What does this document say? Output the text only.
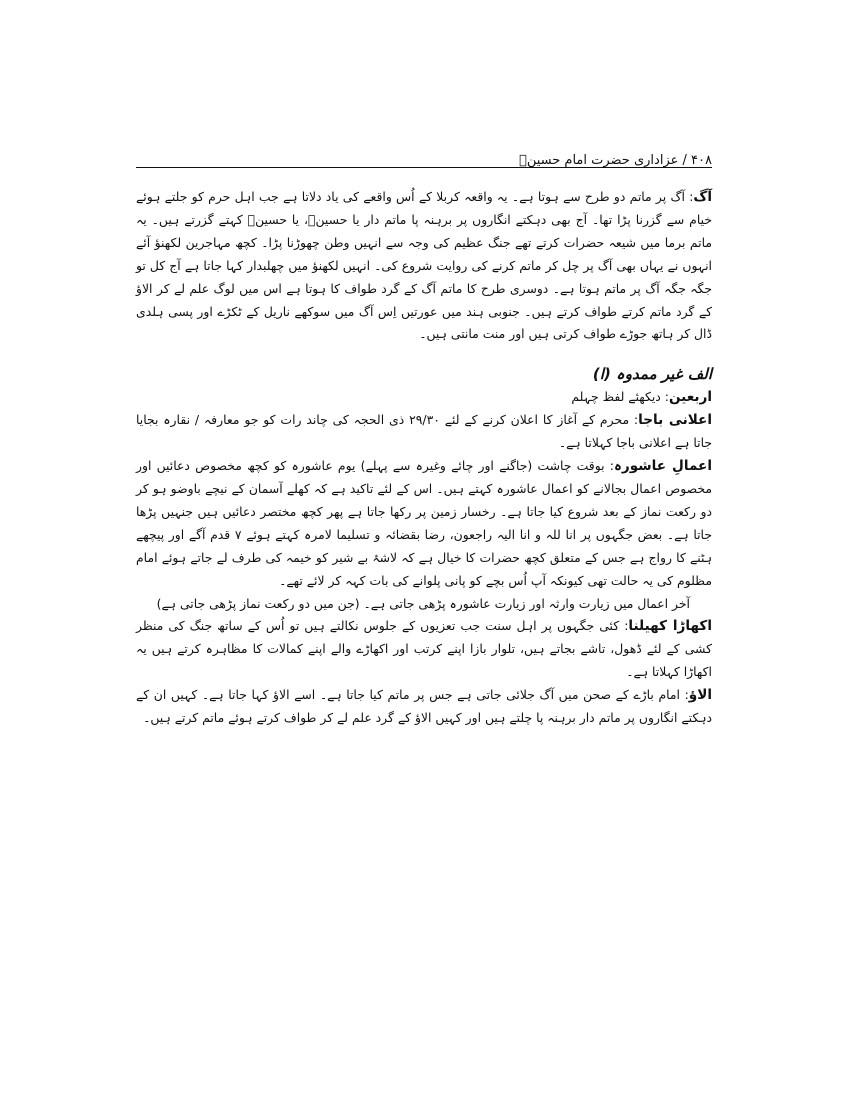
۴۰۸ / عزاداری حضرت امام حسینؑ

آگ: آگ پر ماتم دو طرح سے ہوتا ہے۔ یہ واقعہ کربلا کے اُس واقعے کی یاد دلاتا ہے جب اہل حرم کو جلتے ہوئے خیام سے گزرنا پڑا تھا۔ آج بھی دہکتے انگاروں پر برہنہ پا ماتم دار یا حسینؑ، یا حسینؑ کہتے گزرتے ہیں۔ یہ ماتم برما میں شیعہ حضرات کرتے تھے جنگ عظیم کی وجہ سے انہیں وطن چھوڑنا پڑا۔ کچھ مہاجرین لکھنؤ آئے انہوں نے یہاں بھی آگ پر چل کر ماتم کرنے کی روایت شروع کی۔ انہیں لکھنؤ میں چھلبدار کہا جاتا ہے آج کل تو جگہ جگہ آگ پر ماتم ہوتا ہے۔ دوسری طرح کا ماتم آگ کے گرد طواف کا ہوتا ہے اس میں لوگ علم لے کر الاؤ کے گرد ماتم کرتے طواف کرتے ہیں۔ جنوبی ہند میں عورتیں اِس آگ میں سوکھے ناریل کے ٹکڑے اور پسی ہلدی ڈال کر ہاتھ جوڑے طواف کرتی ہیں اور منت مانتی ہیں۔

الف غیر ممدوہ (ا)

اربعین: دیکھئے لفظ چہلم

اعلانی باجا: محرم کے آغاز کا اعلان کرنے کے لئے ۲۹/۳۰ ذی الحجہ کی چاند رات کو جو معارفہ / نقارہ بجایا جاتا ہے اعلانی باجا کہلاتا ہے۔

اعمالِ عاشورہ: بوقت چاشت (جاگنے اور چائے وغیرہ سے پہلے) یوم عاشورہ کو کچھ مخصوص دعائیں اور مخصوص اعمال بجالانے کو اعمال عاشورہ کہتے ہیں۔ اس کے لئے تاکید ہے کہ کھلے آسمان کے نیچے باوضو ہو کر دو رکعت نماز کے بعد شروع کیا جاتا ہے۔ رخسار زمین پر رکھا جاتا ہے پھر کچھ مختصر دعائیں ہیں جنہیں پڑھا جاتا ہے۔ بعض جگہوں پر انا للہ و انا الیہ راجعون، رضا بقضائہ و تسلیما لامرہ کہتے ہوئے ۷ قدم آگے اور پیچھے ہٹنے کا رواج ہے جس کے متعلق کچھ حضرات کا خیال ہے کہ لاشۂ بے شیر کو خیمہ کی طرف لے جاتے ہوئے امام مظلوم کی یہ حالت تھی کیونکہ آپ اُس بچے کو پانی پلوانے کی بات کہہ کر لائے تھے۔

آخر اعمال میں زیارت وارثہ اور زیارت عاشورہ پڑھی جاتی ہے۔ (جن میں دو رکعت نماز پڑھی جاتی ہے)

اکھاڑا کھیلنا: کئی جگہوں پر اہل سنت جب تعزیوں کے جلوس نکالتے ہیں تو اُس کے ساتھ جنگ کی منظر کشی کے لئے ڈھول، تاشے بجاتے ہیں، تلوار بازا اپنے کرتب اور اکھاڑے والے اپنے کمالات کا مظاہرہ کرتے ہیں یہ اکھاڑا کہلاتا ہے۔

الاؤ: امام باڑے کے صحن میں آگ جلائی جاتی ہے جس پر ماتم کیا جاتا ہے۔ اسے الاؤ کہا جاتا ہے۔ کہیں ان کے دہکتے انگاروں پر ماتم دار برہنہ پا چلتے ہیں اور کہیں الاؤ کے گرد علم لے کر طواف کرتے ہوئے ماتم کرتے ہیں۔
